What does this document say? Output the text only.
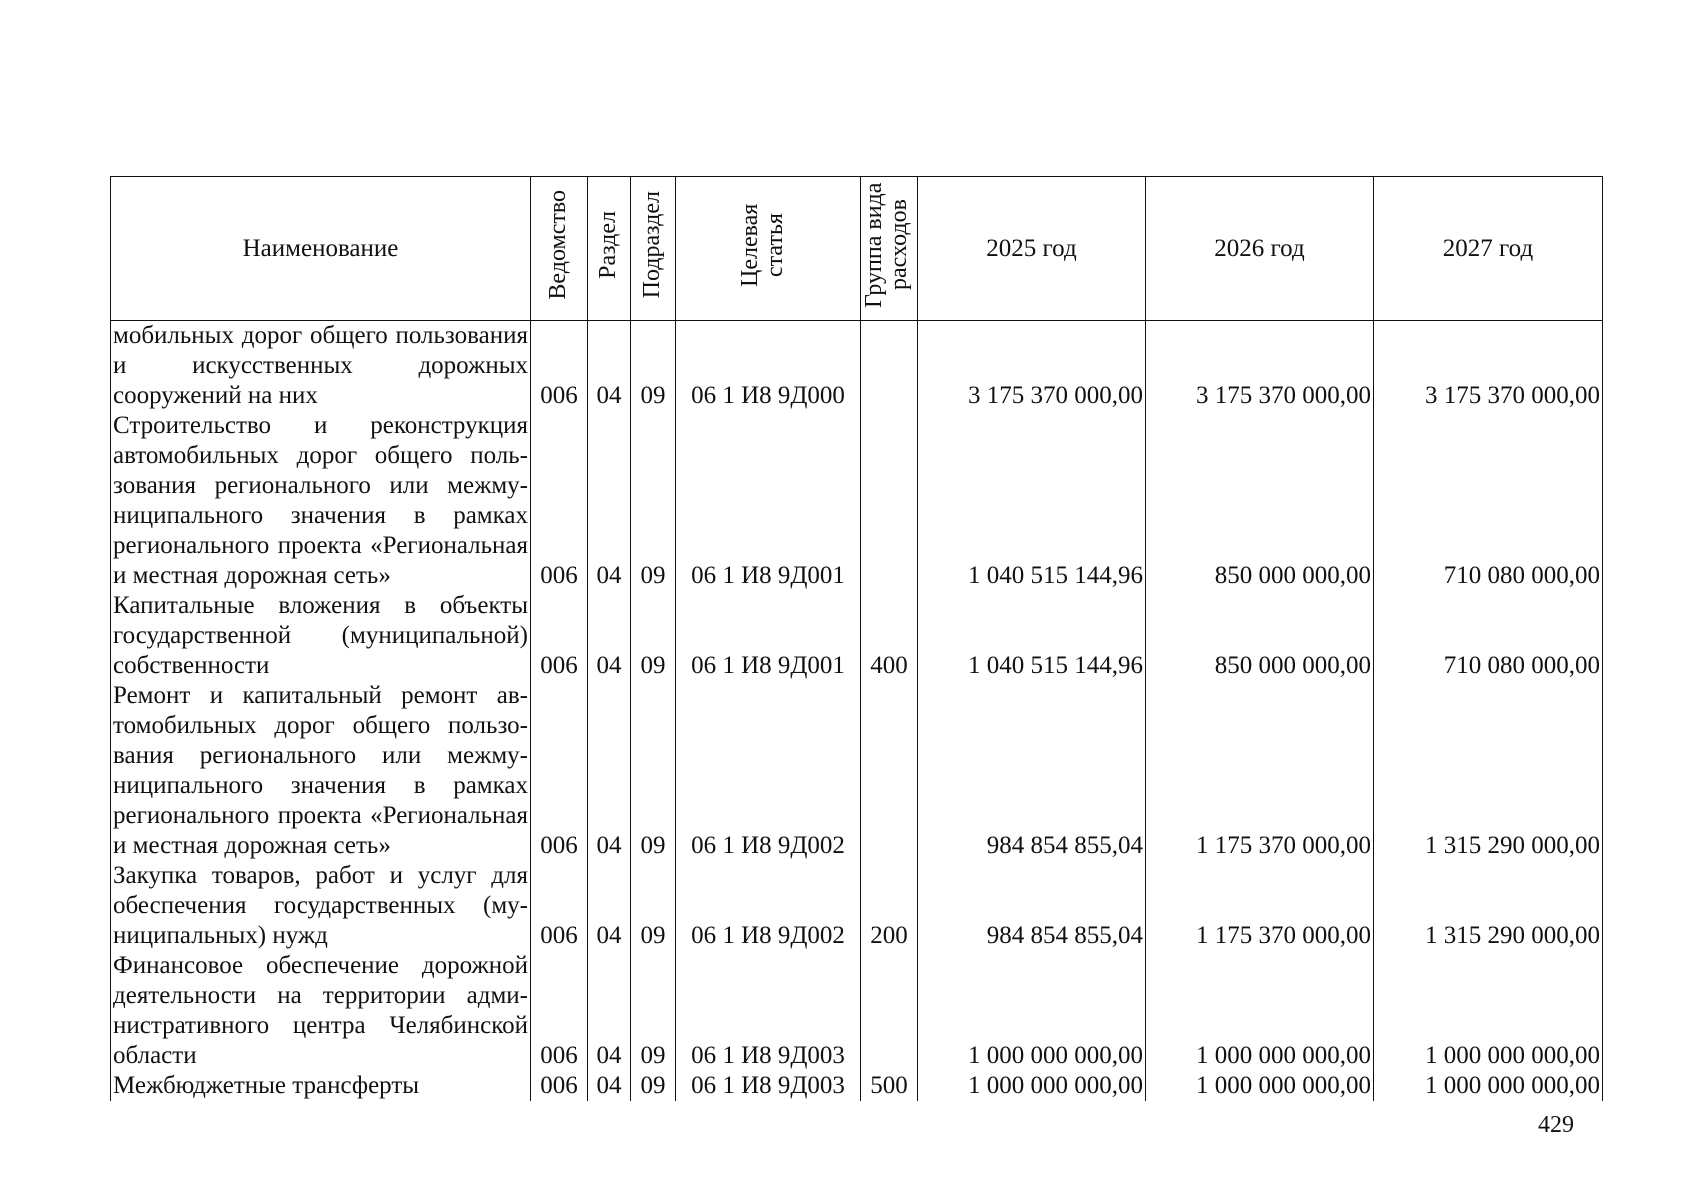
Наименование	Ведомство	Раздел	Подраздел	Целевая статья	Группа вида расходов	2025 год	2026 год	2027 год
мобильных дорог общего пользования и искусственных дорожных сооружений на них	006	04	09	06 1 И8 9Д000		3 175 370 000,00	3 175 370 000,00	3 175 370 000,00
Строительство и реконструкция автомобильных дорог общего пользования регионального или межмуниципального значения в рамках регионального проекта «Региональная и местная дорожная сеть»	006	04	09	06 1 И8 9Д001		1 040 515 144,96	850 000 000,00	710 080 000,00
Капитальные вложения в объекты государственной (муниципальной) собственности	006	04	09	06 1 И8 9Д001	400	1 040 515 144,96	850 000 000,00	710 080 000,00
Ремонт и капитальный ремонт автомобильных дорог общего пользования регионального или межмуниципального значения в рамках регионального проекта «Региональная и местная дорожная сеть»	006	04	09	06 1 И8 9Д002		984 854 855,04	1 175 370 000,00	1 315 290 000,00
Закупка товаров, работ и услуг для обеспечения государственных (муниципальных) нужд	006	04	09	06 1 И8 9Д002	200	984 854 855,04	1 175 370 000,00	1 315 290 000,00
Финансовое обеспечение дорожной деятельности на территории административного центра Челябинской области	006	04	09	06 1 И8 9Д003		1 000 000 000,00	1 000 000 000,00	1 000 000 000,00
Межбюджетные трансферты	006	04	09	06 1 И8 9Д003	500	1 000 000 000,00	1 000 000 000,00	1 000 000 000,00
429
